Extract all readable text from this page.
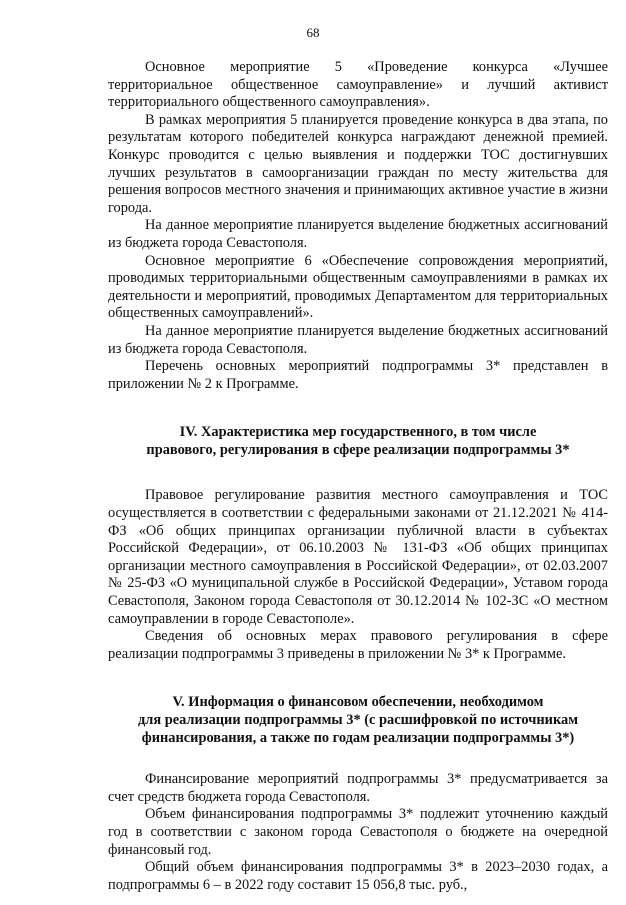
68

Основное мероприятие 5 «Проведение конкурса «Лучшее территориальное общественное самоуправление» и лучший активист территориального общественного самоуправления».

В рамках мероприятия 5 планируется проведение конкурса в два этапа, по результатам которого победителей конкурса награждают денежной премией. Конкурс проводится с целью выявления и поддержки ТОС достигнувших лучших результатов в самоорганизации граждан по месту жительства для решения вопросов местного значения и принимающих активное участие в жизни города.

На данное мероприятие планируется выделение бюджетных ассигнований из бюджета города Севастополя.

Основное мероприятие 6 «Обеспечение сопровождения мероприятий, проводимых территориальными общественным самоуправлениями в рамках их деятельности и мероприятий, проводимых Департаментом для территориальных общественных самоуправлений».

На данное мероприятие планируется выделение бюджетных ассигнований из бюджета города Севастополя.

Перечень основных мероприятий подпрограммы 3* представлен в приложении № 2 к Программе.

IV. Характеристика мер государственного, в том числе

правового, регулирования в сфере реализации подпрограммы 3*

Правовое регулирование развития местного самоуправления и ТОС осуществляется в соответствии с федеральными законами от 21.12.2021 № 414-ФЗ «Об общих принципах организации публичной власти в субъектах Российской Федерации», от 06.10.2003 № 131-ФЗ «Об общих принципах организации местного самоуправления в Российской Федерации», от 02.03.2007 № 25-ФЗ «О муниципальной службе в Российской Федерации», Уставом города Севастополя, Законом города Севастополя от 30.12.2014 № 102-ЗС «О местном самоуправлении в городе Севастополе».

Сведения об основных мерах правового регулирования в сфере реализации подпрограммы 3 приведены в приложении № 3* к Программе.

V. Информация о финансовом обеспечении, необходимом

для реализации подпрограммы 3* (с расшифровкой по источникам

финансирования, а также по годам реализации подпрограммы 3*)

Финансирование мероприятий подпрограммы 3* предусматривается за счет средств бюджета города Севастополя.

Объем финансирования подпрограммы 3* подлежит уточнению каждый год в соответствии с законом города Севастополя о бюджете на очередной финансовый год.

Общий объем финансирования подпрограммы 3* в 2023–2030 годах, а подпрограммы 6 – в 2022 году составит 15 056,8 тыс. руб.,
